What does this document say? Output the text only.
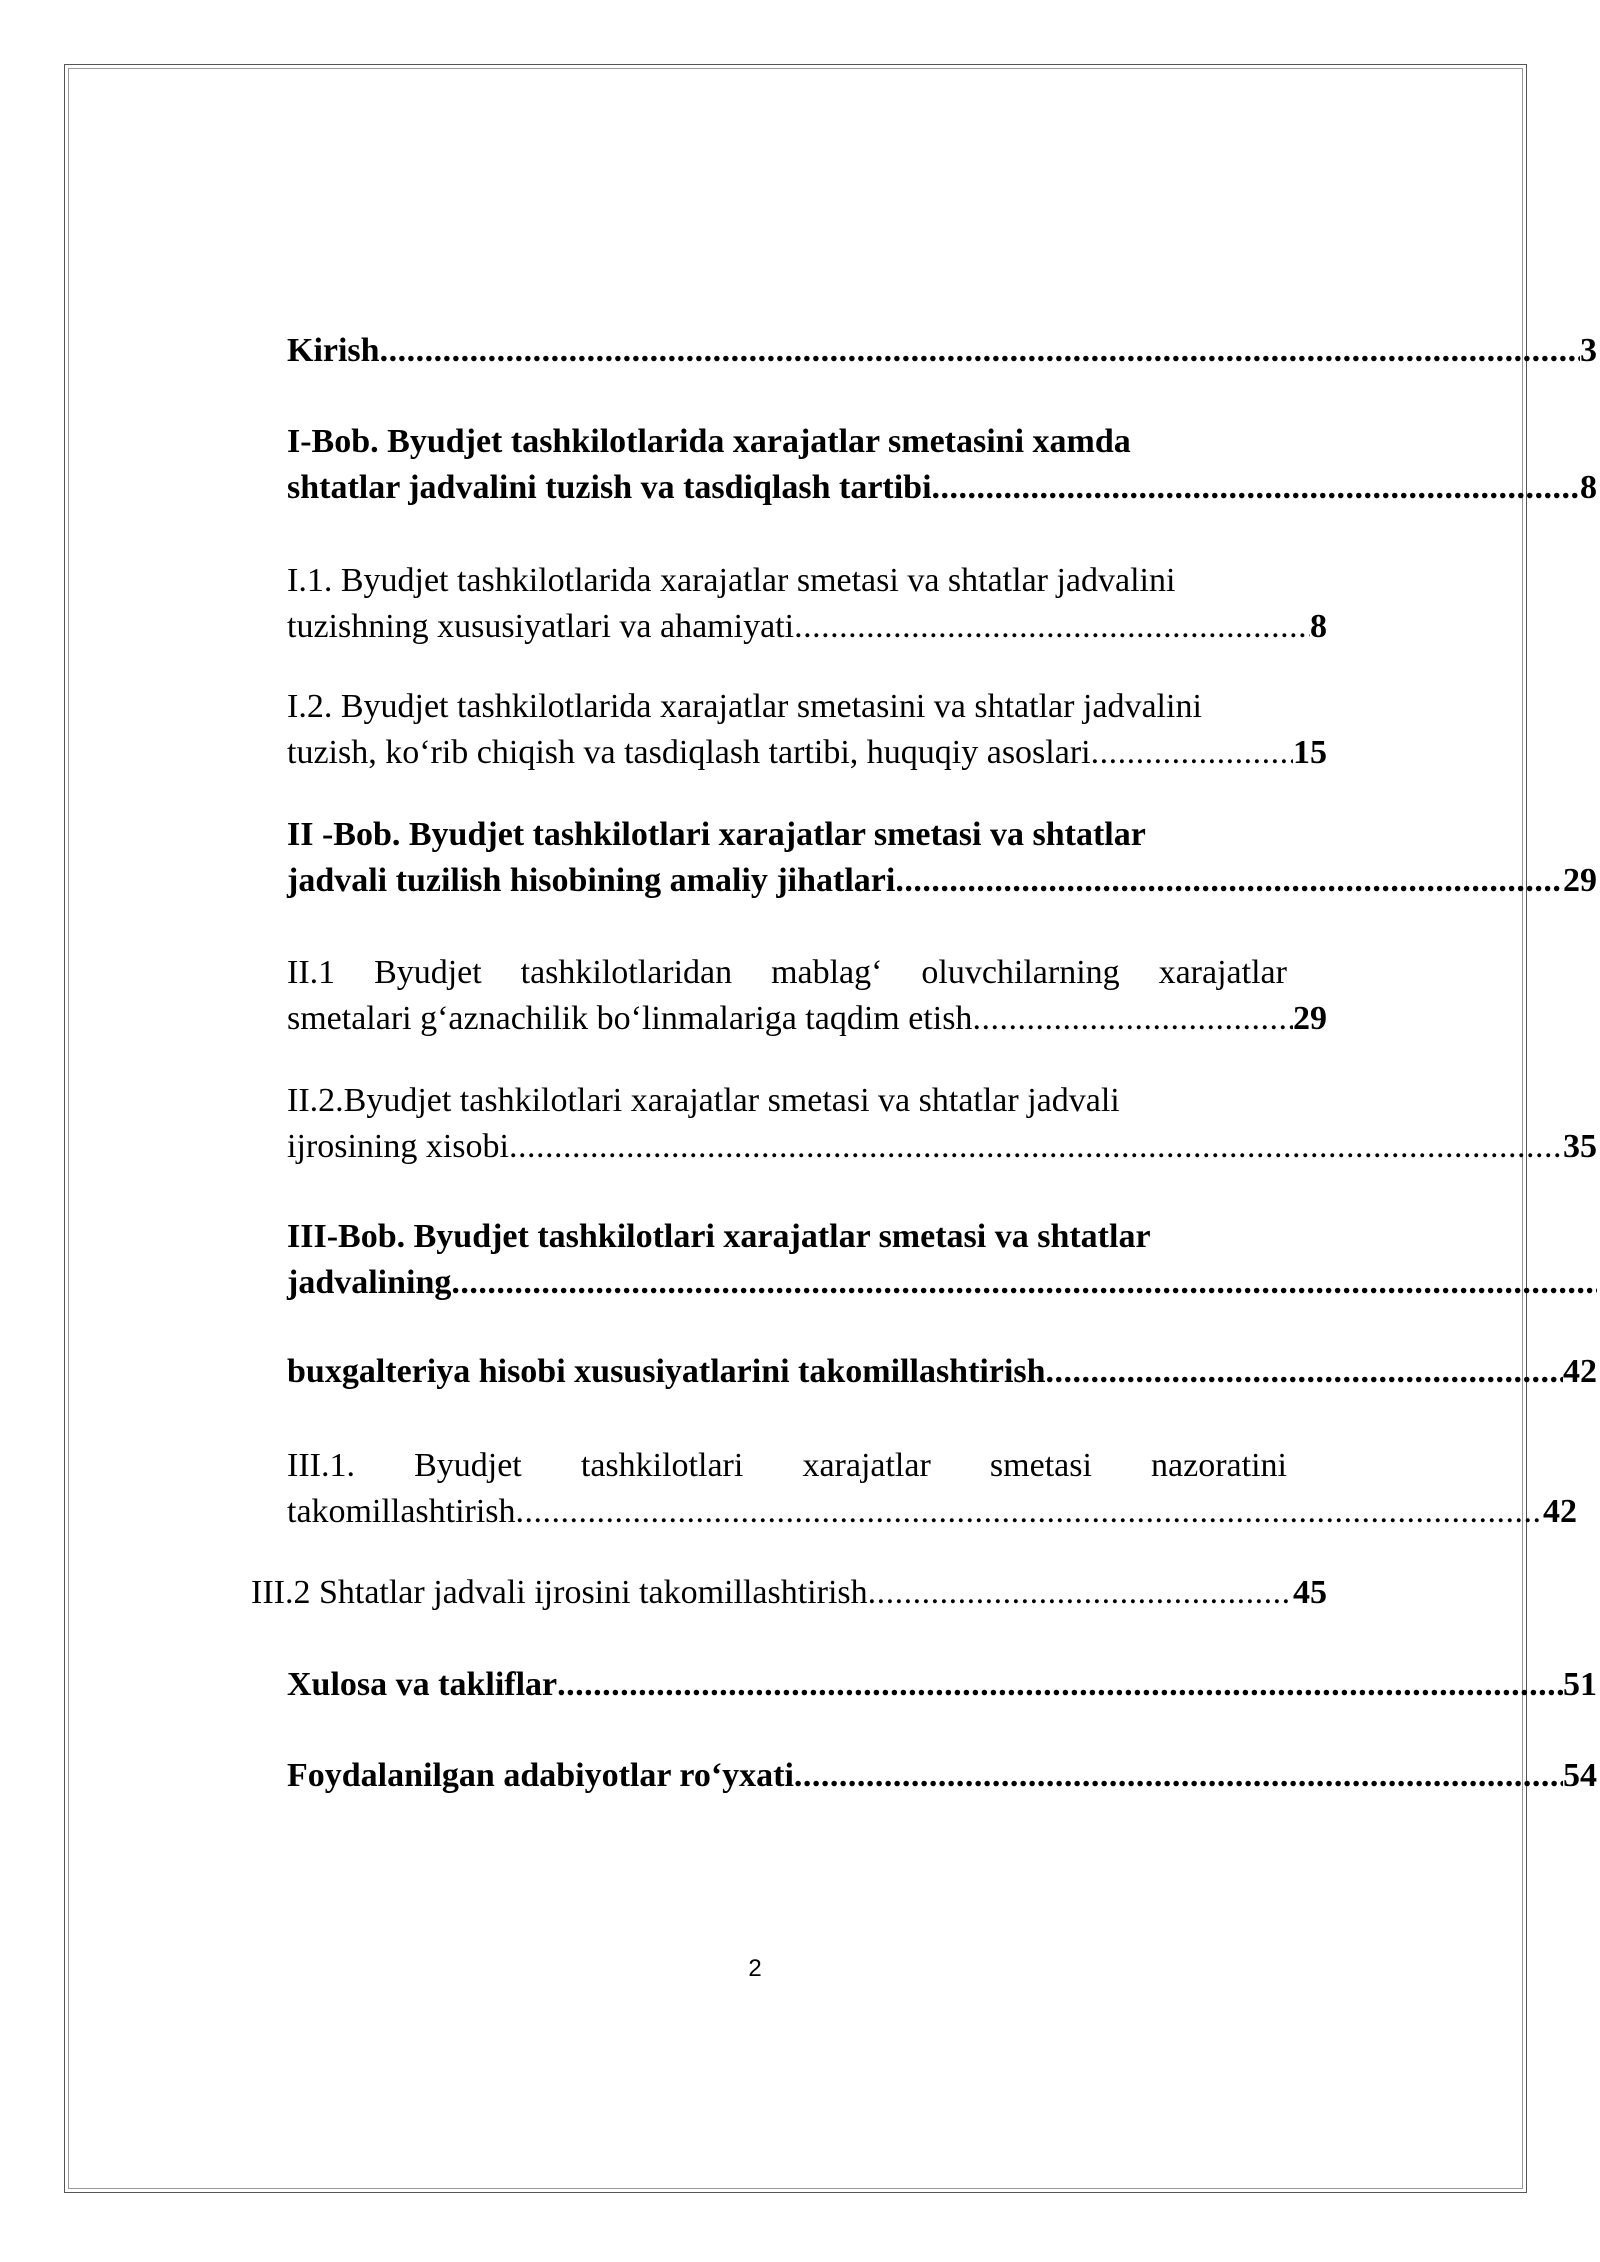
Kirish .....	3
I-Bob. Byudjet tashkilotlarida xarajatlar smetasini xamda
shtatlar jadvalini tuzish va tasdiqlash tartibi .....	8
I.1. Byudjet tashkilotlarida xarajatlar smetasi va shtatlar jadvalini
tuzishning xususiyatlari va ahamiyati .....	8
I.2. Byudjet tashkilotlarida xarajatlar smetasini va shtatlar jadvalini
tuzish, ko‘rib chiqish va tasdiqlash tartibi, huquqiy asoslari .....	15
II -Bob. Byudjet tashkilotlari xarajatlar smetasi va shtatlar
jadvali tuzilish hisobining amaliy jihatlari .....	29
II.1 Byudjet tashkilotlaridan mablag‘ oluvchilarning xarajatlar
smetalari g‘aznachilik bo‘linmalariga taqdim etish .....	29
II.2.Byudjet tashkilotlari xarajatlar smetasi va shtatlar jadvali
ijrosining xisobi .....	35
III-Bob. Byudjet tashkilotlari xarajatlar smetasi va shtatlar
jadvalining
.....
buxgalteriya hisobi xususiyatlarini takomillashtirish .....	42
III.1. Byudjet tashkilotlari xarajatlar smetasi nazoratini
takomillashtirish .....	42
III.2 Shtatlar jadvali ijrosini takomillashtirish .....	45
Xulosa va takliflar .....	51
Foydalanilgan adabiyotlar ro‘yxati .....	54
2
